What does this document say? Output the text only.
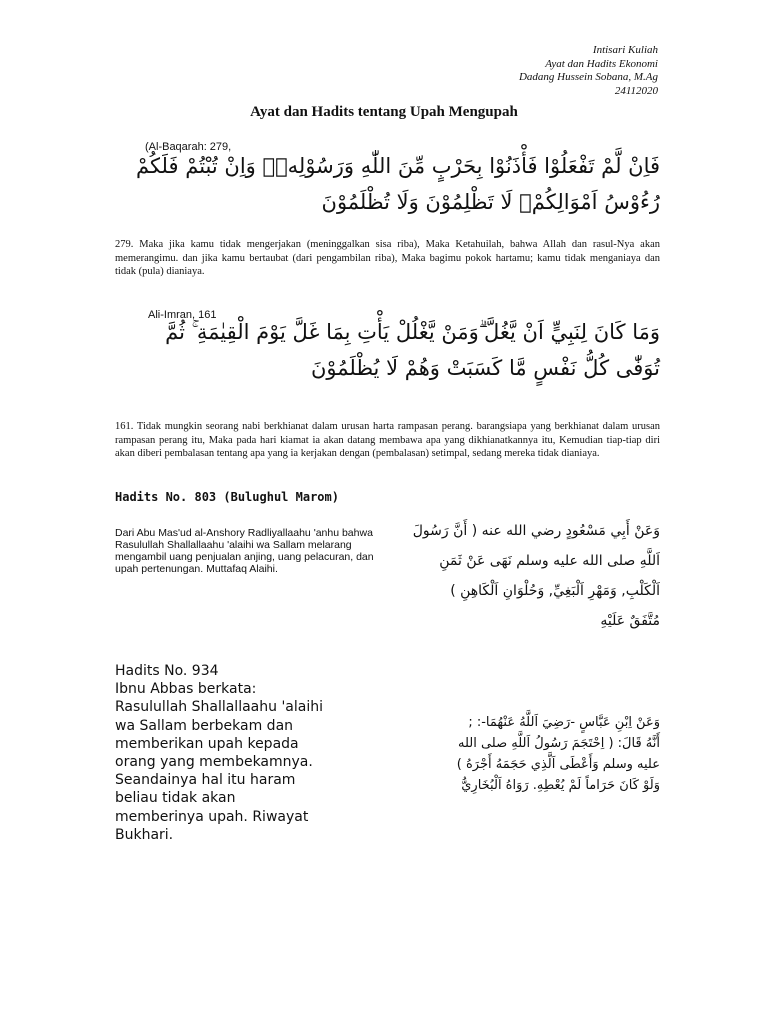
Intisari Kuliah
Ayat dan Hadits Ekonomi
Dadang Hussein Sobana, M.Ag
24112020
Ayat dan Hadits tentang Upah Mengupah
(Al-Baqarah: 279,
فَاِنْ لَّمْ تَفْعَلُوْا فَأْذَنُوْا بِحَرْبٍ مِّنَ اللّٰهِ وَرَسُوْلِهٖۚ وَاِنْ تُبْتُمْ فَلَكُمْ
رُءُوْسُ اَمْوَالِكُمْۚ لَا تَظْلِمُوْنَ وَلَا تُظْلَمُوْنَ
279. Maka jika kamu tidak mengerjakan (meninggalkan sisa riba), Maka Ketahuilah, bahwa Allah dan rasul-Nya akan memerangimu. dan jika kamu bertaubat (dari pengambilan riba), Maka bagimu pokok hartamu; kamu tidak menganiaya dan tidak (pula) dianiaya.
Ali-Imran, 161
وَمَا كَانَ لِنَبِيٍّ اَنْ يَّغُلَّ ۗوَمَنْ يَّغْلُلْ يَأْتِ بِمَا غَلَّ يَوْمَ الْقِيٰمَةِ ۚ ثُمَّ
تُوَفّٰى كُلُّ نَفْسٍ مَّا كَسَبَتْ وَهُمْ لَا يُظْلَمُوْنَ
161. Tidak mungkin seorang nabi berkhianat dalam urusan harta rampasan perang. barangsiapa yang berkhianat dalam urusan rampasan perang itu, Maka pada hari kiamat ia akan datang membawa apa yang dikhianatkannya itu, Kemudian tiap-tiap diri akan diberi pembalasan tentang apa yang ia kerjakan dengan (pembalasan) setimpal, sedang mereka tidak dianiaya.
Hadits No. 803 (Bulughul Marom)
Dari Abu Mas'ud al-Anshory Radliyallaahu 'anhu bahwa Rasulullah Shallallaahu 'alaihi wa Sallam melarang mengambil uang penjualan anjing, uang pelacuran, dan upah pertenungan. Muttafaq Alaihi.
وَعَنْ أَبِي مَسْعُودٍ رضي الله عنه ( أَنَّ رَسُولَ
اَللَّهِ صلى الله عليه وسلم نَهَى عَنْ ثَمَنِ
اَلْكَلْبِ, وَمَهْرِ اَلْبَغِيِّ, وَحُلْوَانِ اَلْكَاهِنِ )
مُتَّفَقٌ عَلَيْهِ
Hadits No. 934
Ibnu Abbas berkata:
Rasulullah Shallallaahu 'alaihi
wa Sallam berbekam dan
memberikan upah kepada
orang yang membekamnya.
Seandainya hal itu haram
beliau tidak akan
memberinya upah. Riwayat
Bukhari.
وَعَنْ اِبْنِ عَبَّاسٍ -رَضِيَ اَللَّهُ عَنْهُمَا-: ;
أَنَّهُ قَالَ: ( اِحْتَجَمَ رَسُولُ اَللَّهِ صلى الله
عليه وسلم وَأَعْطَى اَلَّذِي حَجَمَهُ أَجْرَهُ )
وَلَوْ كَانَ حَرَاماً لَمْ يُعْطِهِ. رَوَاهُ اَلْبُخَارِيُّ
